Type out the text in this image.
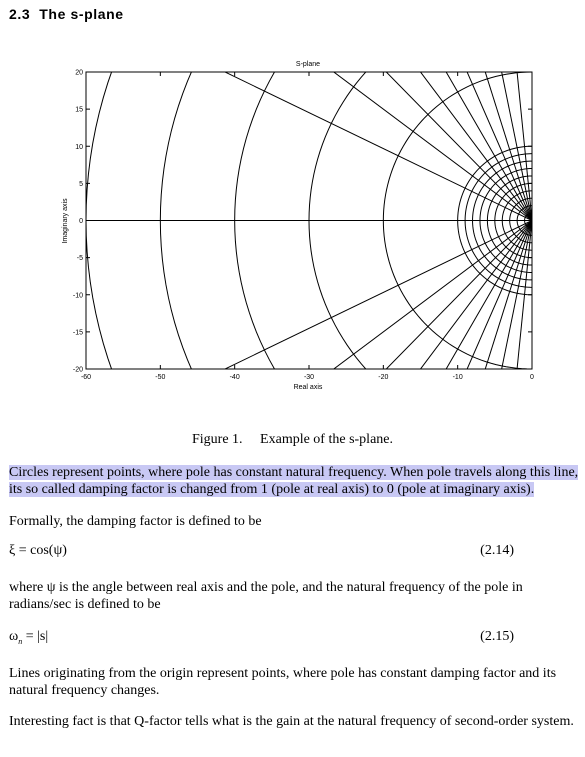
2.3 The s-plane
S-plane
-60	-50	-40	-30	-20	-10	0
20
15
10
5
0
-5
-10
-15
-20
Real axis
Imaginary axis
Figure 1. Example of the s-plane.
Circles represent points, where pole has constant natural frequency. When pole travels along this line, its so called damping factor is changed from 1 (pole at real axis) to 0 (pole at imaginary axis).
Formally, the damping factor is defined to be
ξ = cos(ψ)	(2.14)
where ψ is the angle between real axis and the pole, and the natural frequency of the pole in radians/sec is defined to be
$\omega_n = |s|$	(2.15)
Lines originating from the origin represent points, where pole has constant damping factor and its natural frequency changes.
Interesting fact is that Q-factor tells what is the gain at the natural frequency of second-order system.
